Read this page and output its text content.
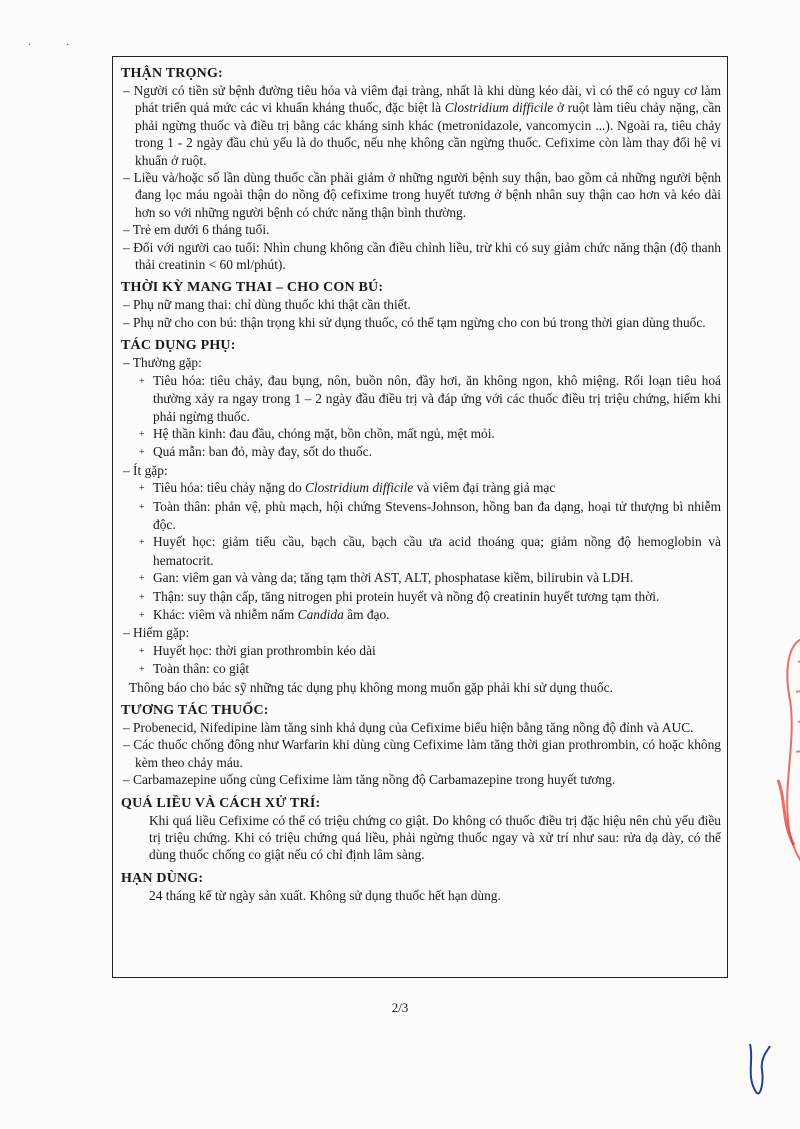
· ·
THẬN TRỌNG:

– Người có tiền sử bệnh đường tiêu hóa và viêm đại tràng, nhất là khi dùng kéo dài, vì có thể có nguy cơ làm phát triển quá mức các vi khuẩn kháng thuốc, đặc biệt là Clostridium difficile ở ruột làm tiêu chảy nặng, cần phải ngừng thuốc và điều trị bằng các kháng sinh khác (metronidazole, vancomycin ...). Ngoài ra, tiêu chảy trong 1 - 2 ngày đầu chủ yếu là do thuốc, nếu nhẹ không cần ngừng thuốc. Cefixime còn làm thay đổi hệ vi khuẩn ở ruột.

– Liều và/hoặc số lần dùng thuốc cần phải giảm ở những người bệnh suy thận, bao gồm cả những người bệnh đang lọc máu ngoài thận do nồng độ cefixime trong huyết tương ở bệnh nhân suy thận cao hơn và kéo dài hơn so với những người bệnh có chức năng thận bình thường.

– Trẻ em dưới 6 tháng tuổi.

– Đối với người cao tuổi: Nhìn chung không cần điều chỉnh liều, trừ khi có suy giảm chức năng thận (độ thanh thải creatinin < 60 ml/phút).

THỜI KỲ MANG THAI – CHO CON BÚ:

– Phụ nữ mang thai: chỉ dùng thuốc khi thật cần thiết.

– Phụ nữ cho con bú: thận trọng khi sử dụng thuốc, có thể tạm ngừng cho con bú trong thời gian dùng thuốc.

TÁC DỤNG PHỤ:

– Thường gặp:

+ Tiêu hóa: tiêu chảy, đau bụng, nôn, buồn nôn, đầy hơi, ăn không ngon, khô miệng. Rối loạn tiêu hoá thường xảy ra ngay trong 1 – 2 ngày đầu điều trị và đáp ứng với các thuốc điều trị triệu chứng, hiếm khi phải ngừng thuốc.

+ Hệ thần kinh: đau đầu, chóng mặt, bồn chồn, mất ngủ, mệt mỏi.

+ Quá mẫn: ban đỏ, mày đay, sốt do thuốc.

– Ít gặp:

+ Tiêu hóa: tiêu chảy nặng do Clostridium difficile và viêm đại tràng giả mạc

+ Toàn thân: phản vệ, phù mạch, hội chứng Stevens-Johnson, hồng ban đa dạng, hoại tử thượng bì nhiễm độc.

+ Huyết học: giảm tiểu cầu, bạch cầu, bạch cầu ưa acid thoáng qua; giảm nồng độ hemoglobin và hematocrit.

+ Gan: viêm gan và vàng da; tăng tạm thời AST, ALT, phosphatase kiềm, bilirubin và LDH.

+ Thận: suy thận cấp, tăng nitrogen phi protein huyết và nồng độ creatinin huyết tương tạm thời.

+ Khác: viêm và nhiễm nấm Candida âm đạo.

– Hiếm gặp:

+ Huyết học: thời gian prothrombin kéo dài

+ Toàn thân: co giật

Thông báo cho bác sỹ những tác dụng phụ không mong muốn gặp phải khi sử dụng thuốc.

TƯƠNG TÁC THUỐC:

– Probenecid, Nifedipine làm tăng sinh khả dụng của Cefixime biểu hiện bằng tăng nồng độ đỉnh và AUC.

– Các thuốc chống đông như Warfarin khi dùng cùng Cefixime làm tăng thời gian prothrombin, có hoặc không kèm theo chảy máu.

– Carbamazepine uống cùng Cefixime làm tăng nồng độ Carbamazepine trong huyết tương.

QUÁ LIỀU VÀ CÁCH XỬ TRÍ:

Khi quá liều Cefixime có thể có triệu chứng co giật. Do không có thuốc điều trị đặc hiệu nên chủ yếu điều trị triệu chứng. Khi có triệu chứng quá liều, phải ngừng thuốc ngay và xử trí như sau: rửa dạ dày, có thể dùng thuốc chống co giật nếu có chỉ định lâm sàng.

HẠN DÙNG:

24 tháng kể từ ngày sản xuất. Không sử dụng thuốc hết hạn dùng.

2/3
